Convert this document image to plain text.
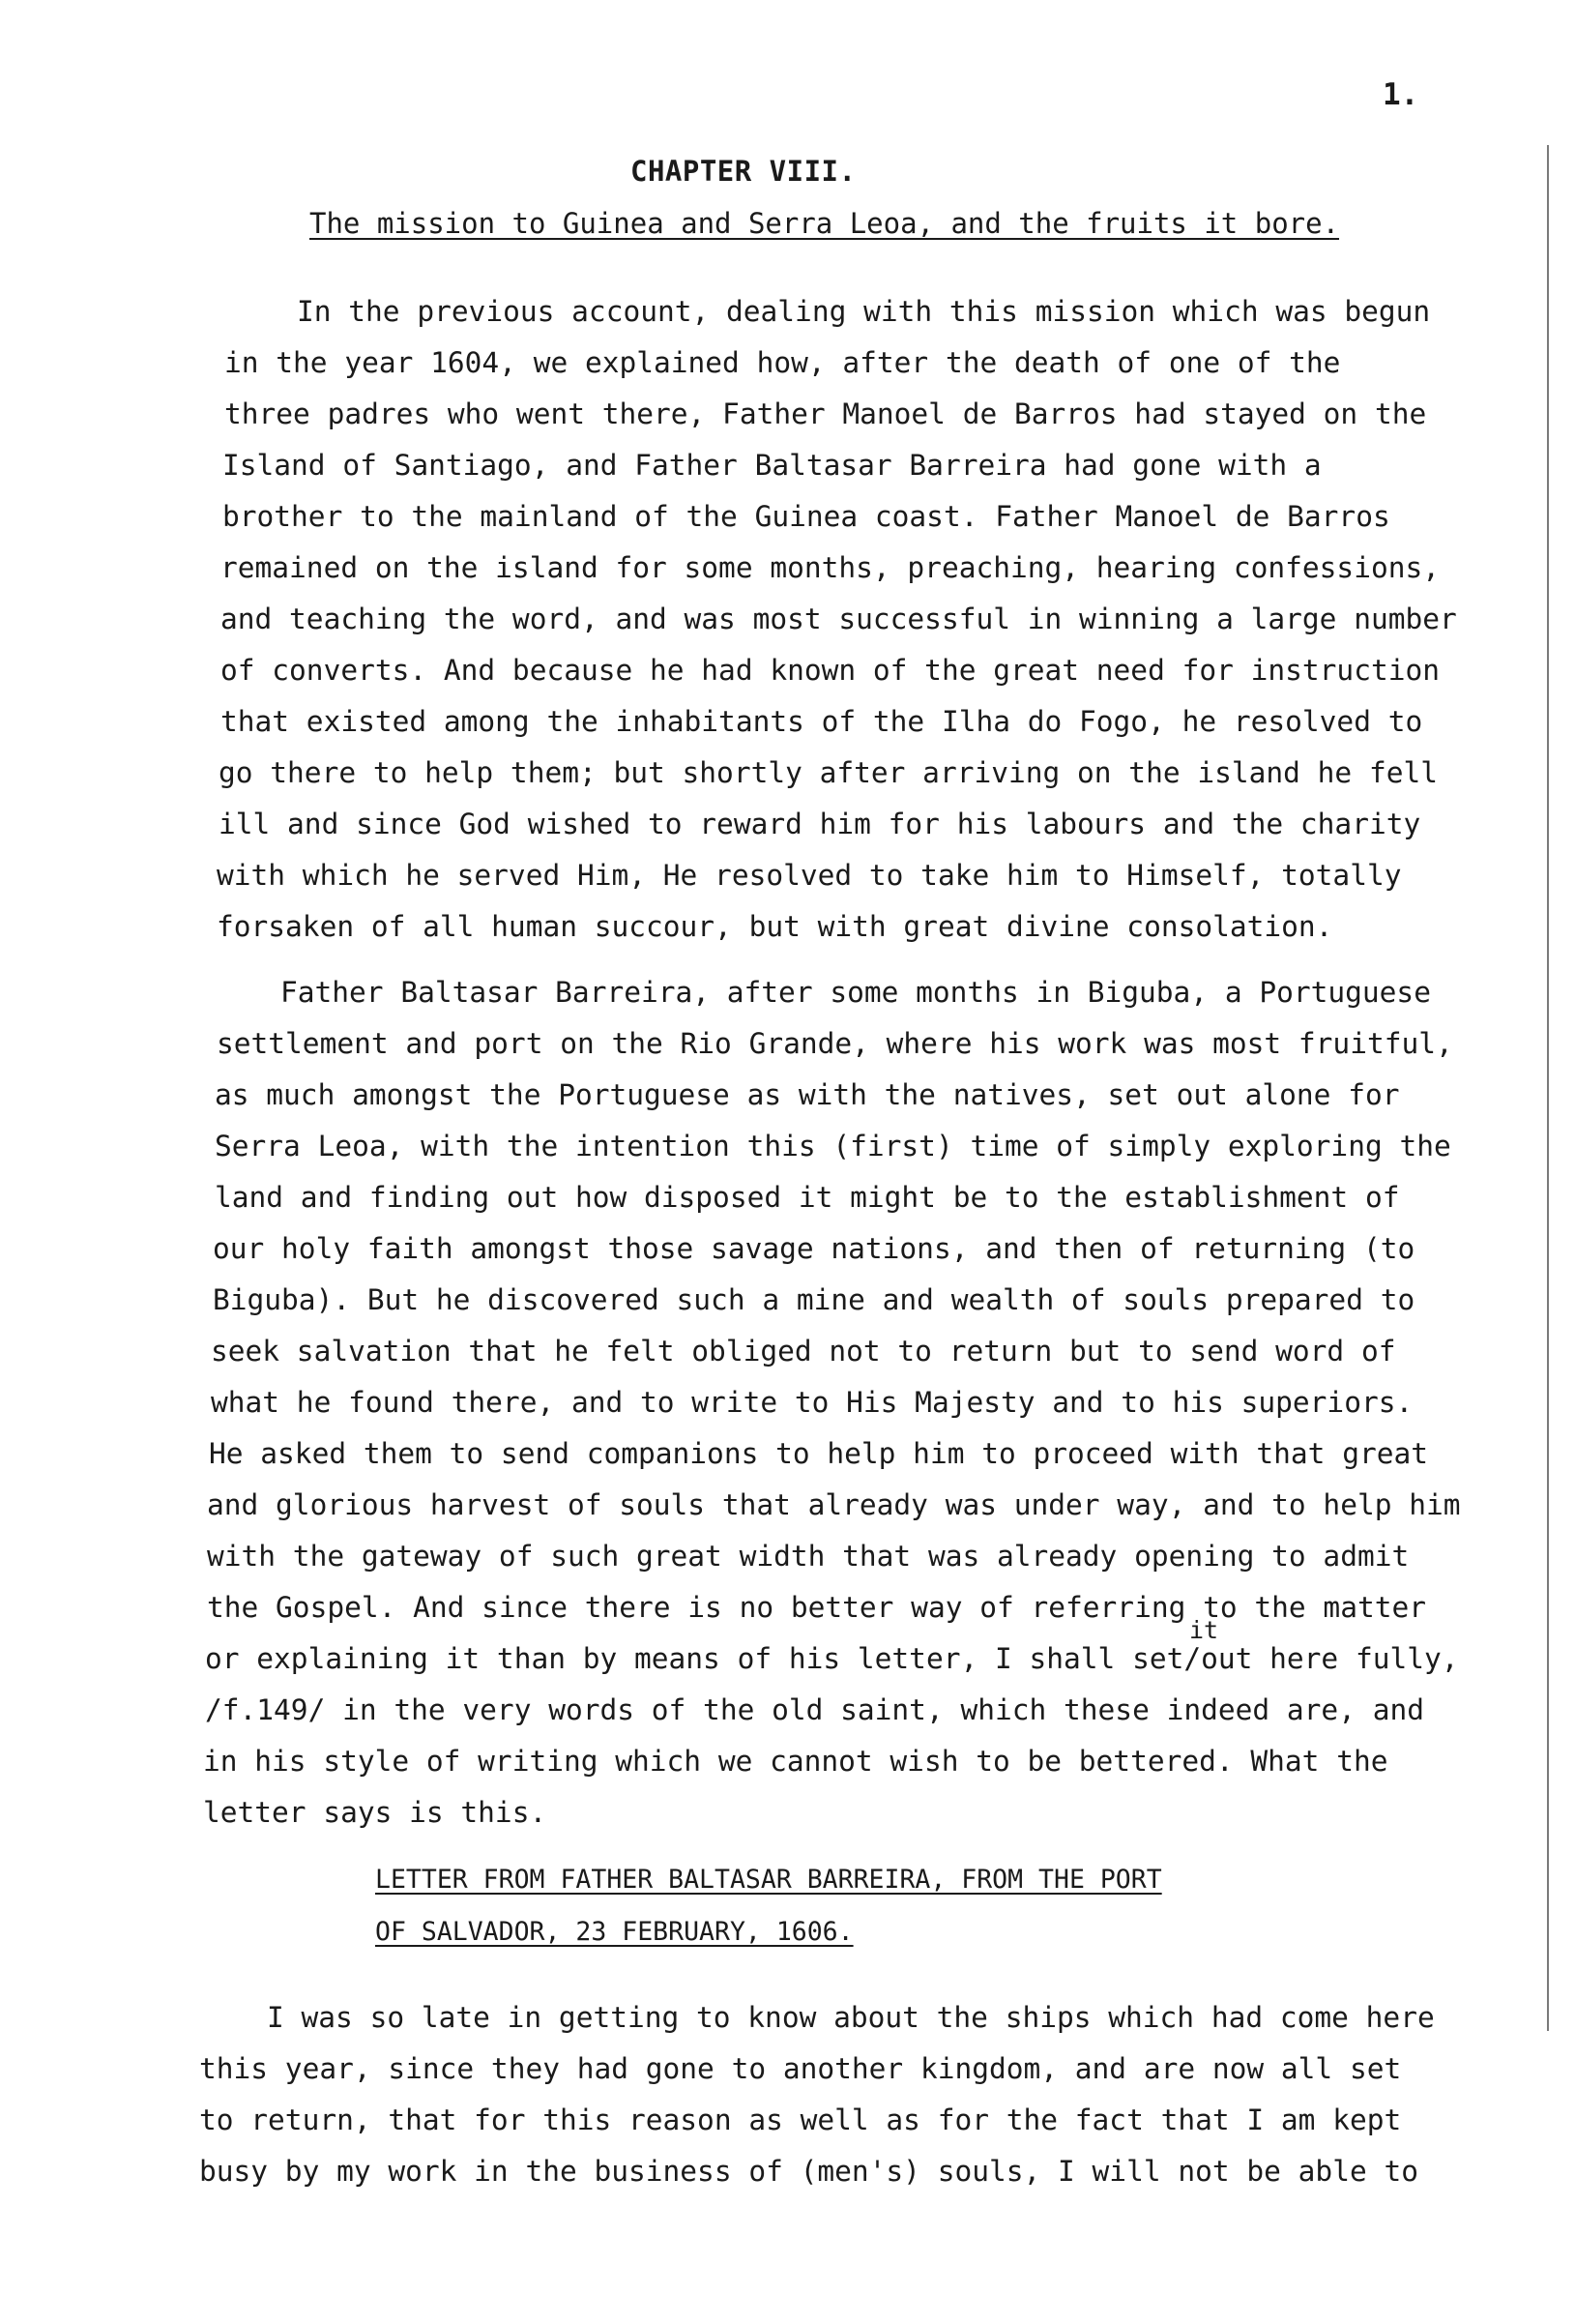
1.
CHAPTER VIII.
The mission to Guinea and Serra Leoa, and the fruits it bore.
In the previous account, dealing with this mission which was begun
in the year 1604, we explained how, after the death of one of the
three padres who went there, Father Manoel de Barros had stayed on the
Island of Santiago, and Father Baltasar Barreira had gone with a
brother to the mainland of the Guinea coast. Father Manoel de Barros
remained on the island for some months, preaching, hearing confessions,
and teaching the word, and was most successful in winning a large number
of converts. And because he had known of the great need for instruction
that existed among the inhabitants of the Ilha do Fogo, he resolved to
go there to help them; but shortly after arriving on the island he fell
ill and since God wished to reward him for his labours and the charity
with which he served Him, He resolved to take him to Himself, totally
forsaken of all human succour, but with great divine consolation.
Father Baltasar Barreira, after some months in Biguba, a Portuguese
settlement and port on the Rio Grande, where his work was most fruitful,
as much amongst the Portuguese as with the natives, set out alone for
Serra Leoa, with the intention this (first) time of simply exploring the
land and finding out how disposed it might be to the establishment of
our holy faith amongst those savage nations, and then of returning (to
Biguba). But he discovered such a mine and wealth of souls prepared to
seek salvation that he felt obliged not to return but to send word of
what he found there, and to write to His Majesty and to his superiors.
He asked them to send companions to help him to proceed with that great
and glorious harvest of souls that already was under way, and to help him
with the gateway of such great width that was already opening to admit
the Gospel. And since there is no better way of referring to the matter
it
or explaining it than by means of his letter, I shall set/out here fully,
/f.149/ in the very words of the old saint, which these indeed are, and
in his style of writing which we cannot wish to be bettered. What the
letter says is this.
LETTER FROM FATHER BALTASAR BARREIRA, FROM THE PORT
OF SALVADOR, 23 FEBRUARY, 1606.
I was so late in getting to know about the ships which had come here
this year, since they had gone to another kingdom, and are now all set
to return, that for this reason as well as for the fact that I am kept
busy by my work in the business of (men's) souls, I will not be able to
